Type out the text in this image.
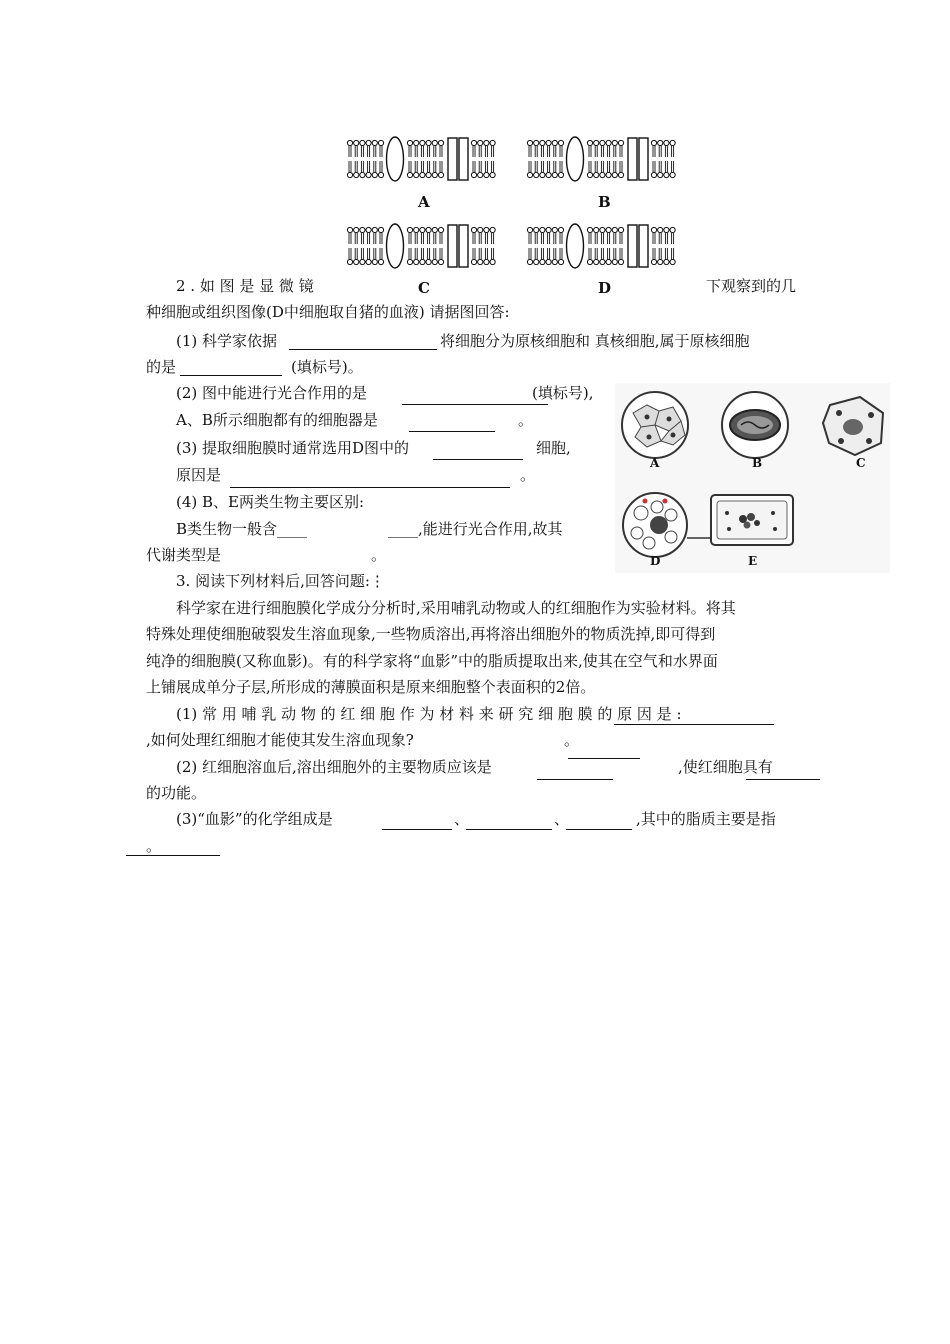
A	B
C	D
A	B	C
D	E
2 . 如 图 是 显 微 镜	下观察到的几
种细胞或组织图像(D中细胞取自猪的血液) 请据图回答:
(1) 科学家依据	将细胞分为原核细胞和 真核细胞,属于原核细胞
的是	(填标号)。
(2) 图中能进行光合作用的是	(填标号),
A、B所示细胞都有的细胞器是	。
(3) 提取细胞膜时通常选用D图中的	细胞,
原因是	。
(4) B、E两类生物主要区别:
B类生物一般含____	____,能进行光合作用,故其
代谢类型是	。
3. 阅读下列材料后,回答问题:⋮
科学家在进行细胞膜化学成分分析时,采用哺乳动物或人的红细胞作为实验材料。将其
特殊处理使细胞破裂发生溶血现象,一些物质溶出,再将溶出细胞外的物质洗掉,即可得到
纯净的细胞膜(又称血影)。有的科学家将“血影”中的脂质提取出来,使其在空气和水界面
上铺展成单分子层,所形成的薄膜面积是原来细胞整个表面积的2倍。
(1) 常 用 哺 乳 动 物 的 红 细 胞 作 为 材 料 来 研 究 细 胞 膜 的 原 因 是 :
,如何处理红细胞才能使其发生溶血现象?	。
(2) 红细胞溶血后,溶出细胞外的主要物质应该是	,使红细胞具有
的功能。
(3)“血影”的化学组成是	、	、	,其中的脂质主要是指
。
